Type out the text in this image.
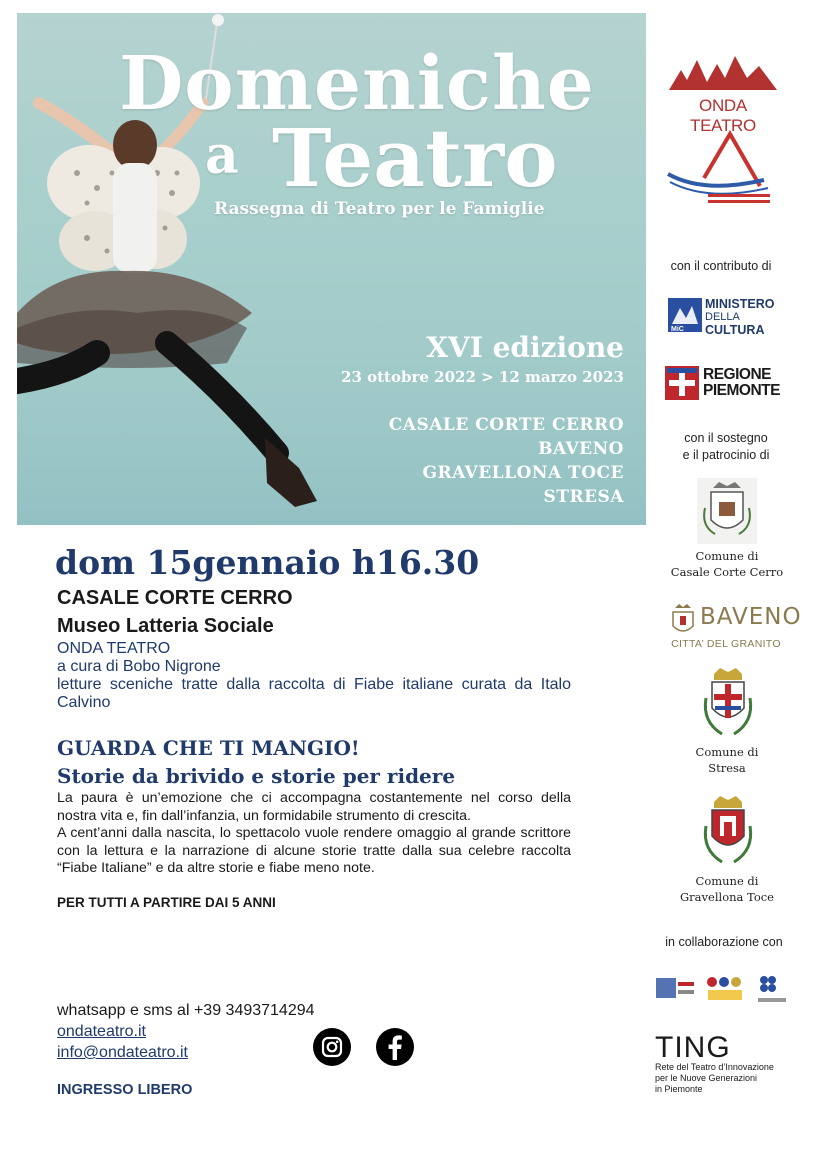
Domeniche
a Teatro
Rassegna di Teatro per le Famiglie
XVI edizione
23 ottobre 2022 > 12 marzo 2023
CASALE CORTE CERRO
BAVENO
GRAVELLONA TOCE
STRESA
dom 15gennaio h16.30
CASALE CORTE CERRO
Museo Latteria Sociale
ONDA TEATRO
a cura di Bobo Nigrone
letture sceniche tratte dalla raccolta di Fiabe italiane curata da Italo Calvino
GUARDA CHE TI MANGIO!
Storie da brivido e storie per ridere

La paura è un’emozione che ci accompagna costantemente nel corso della nostra vita e, fin dall’infanzia, un formidabile strumento di crescita.

A cent’anni dalla nascita, lo spettacolo vuole rendere omaggio al grande scrittore con la lettura e la narrazione di alcune storie tratte dalla sua celebre raccolta “Fiabe Italiane” e da altre storie e fiabe meno note.

PER TUTTI A PARTIRE DAI 5 ANNI
whatsapp e sms al +39 3493714294
ondateatro.it
info@ondateatro.it
INGRESSO LIBERO
ONDA TEATRO
con il contributo di
MiC
MINISTERO
DELLA
CULTURA
REGIONE
PIEMONTE
con il sostegno
e il patrocinio di
Comune di
Casale Corte Cerro
BAVENO
CITTA’ DEL GRANITO
Comune di
Stresa
Comune di
Gravellona Toce
in collaborazione con
TING
Rete del Teatro d’Innovazione
per le Nuove Generazioni
in Piemonte
